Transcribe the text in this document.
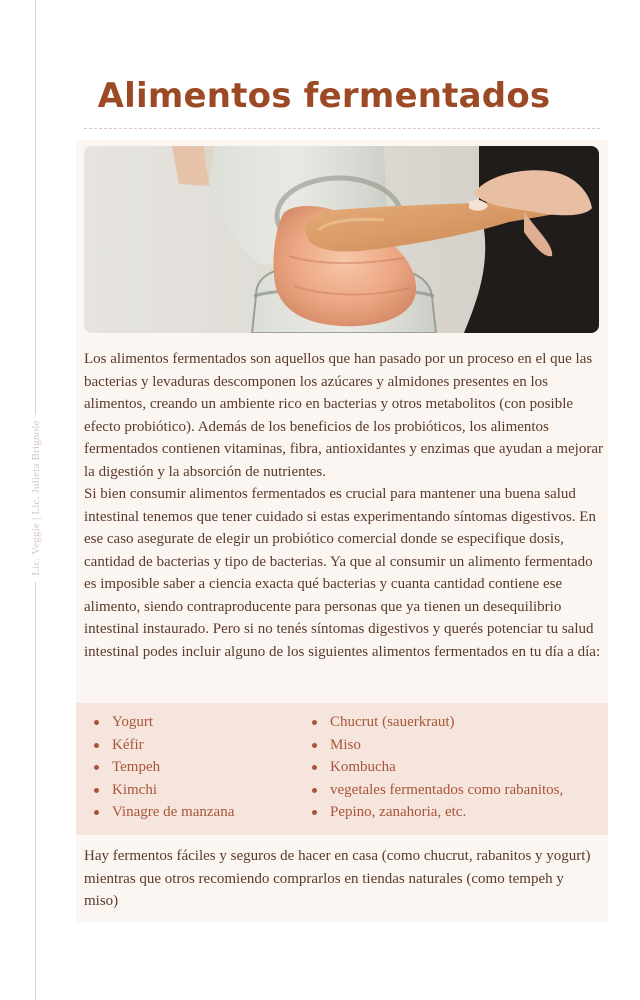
Lic. Veggie | Lic. Julieta Brignole
Alimentos fermentados

Los alimentos fermentados son aquellos que han pasado por un proceso en el que las bacterias y levaduras descomponen los azúcares y almidones presentes en los alimentos, creando un ambiente rico en bacterias y otros metabolitos (con posible efecto probiótico). Además de los beneficios de los probióticos, los alimentos fermentados contienen vitaminas, fibra, antioxidantes y enzimas que ayudan a mejorar la digestión y la absorción de nutrientes.

Si bien consumir alimentos fermentados es crucial para mantener una buena salud intestinal tenemos que tener cuidado si estas experimentando síntomas digestivos. En ese caso asegurate de elegir un probiótico comercial donde se especifique dosis, cantidad de bacterias y tipo de bacterias. Ya que al consumir un alimento fermentado es imposible saber a ciencia exacta qué bacterias y cuanta cantidad contiene ese alimento, siendo contraproducente para personas que ya tienen un desequilibrio intestinal instaurado. Pero si no tenés síntomas digestivos y querés potenciar tu salud intestinal podes incluir alguno de los siguientes alimentos fermentados en tu día a día:

Yogurt
Kéfir
Tempeh
Kimchi
Vinagre de manzana
Chucrut (sauerkraut)
Miso
Kombucha
vegetales fermentados como rabanitos,
Pepino, zanahoria, etc.

Hay fermentos fáciles y seguros de hacer en casa (como chucrut, rabanitos y yogurt) mientras que otros recomiendo comprarlos en tiendas naturales (como tempeh y miso)
